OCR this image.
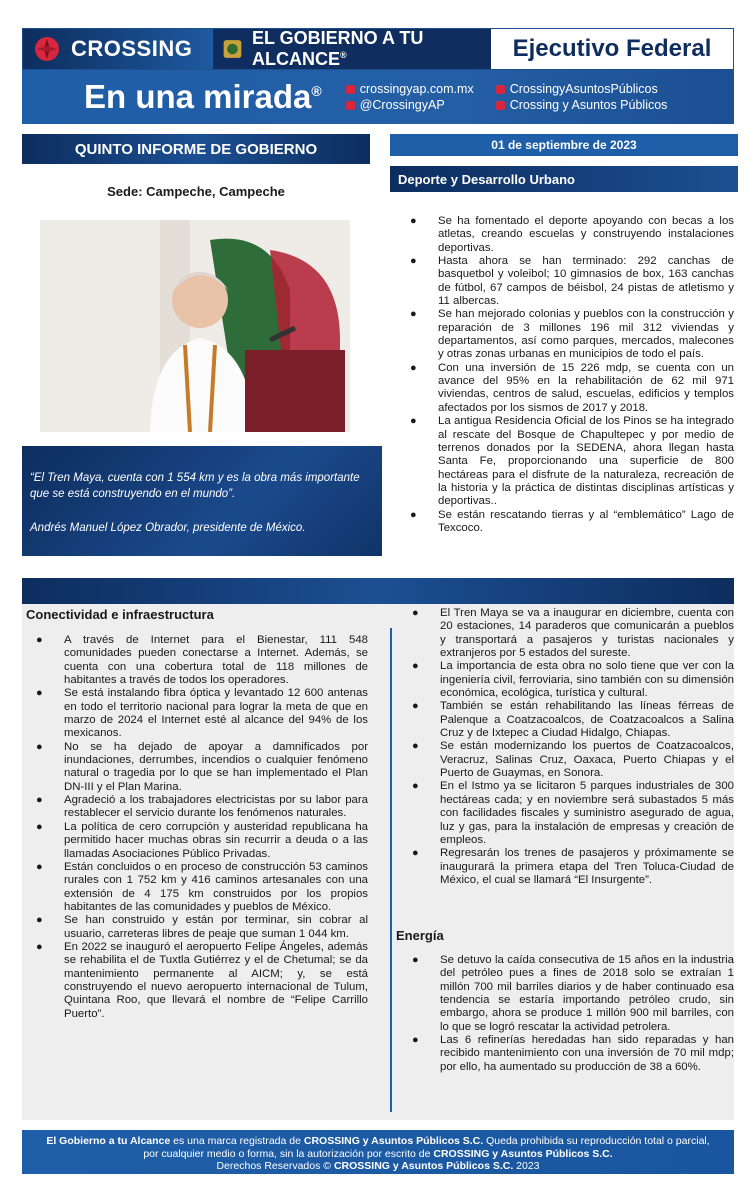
CROSSING	EL GOBIERNO A TU ALCANCE®	Ejecutivo Federal
En una mirada®	crossingyap.com.mx	CrossingyAsuntosPúblicos
@CrossingyAP	Crossing y Asuntos Públicos
QUINTO INFORME DE GOBIERNO	01 de septiembre de 2023
Deporte y Desarrollo Urbano
Sede: Campeche, Campeche
“El Tren Maya, cuenta con 1 554 km y es la obra más importante que se está construyendo en el mundo”.
Andrés Manuel López Obrador, presidente de México.
● Se ha fomentado el deporte apoyando con becas a los atletas, creando escuelas y construyendo instalaciones deportivas.
● Hasta ahora se han terminado: 292 canchas de basquetbol y voleibol; 10 gimnasios de box, 163 canchas de fútbol, 67 campos de béisbol, 24 pistas de atletismo y 11 albercas.
● Se han mejorado colonias y pueblos con la construcción y reparación de 3 millones 196 mil 312 viviendas y departamentos, así como parques, mercados, malecones y otras zonas urbanas en municipios de todo el país.
● Con una inversión de 15 226 mdp, se cuenta con un avance del 95% en la rehabilitación de 62 mil 971 viviendas, centros de salud, escuelas, edificios y templos afectados por los sismos de 2017 y 2018.
● La antigua Residencia Oficial de los Pinos se ha integrado al rescate del Bosque de Chapultepec y por medio de terrenos donados por la SEDENA, ahora llegan hasta Santa Fe, proporcionando una superficie de 800 hectáreas para el disfrute de la naturaleza, recreación de la historia y la práctica de distintas disciplinas artísticas y deportivas..
● Se están rescatando tierras y al “emblemático” Lago de Texcoco.
Conectividad e infraestructura
● A través de Internet para el Bienestar, 111 548 comunidades pueden conectarse a Internet. Además, se cuenta con una cobertura total de 118 millones de habitantes a través de todos los operadores.
● Se está instalando fibra óptica y levantado 12 600 antenas en todo el territorio nacional para lograr la meta de que en marzo de 2024 el Internet esté al alcance del 94% de los mexicanos.
● No se ha dejado de apoyar a damnificados por inundaciones, derrumbes, incendios o cualquier fenómeno natural o tragedia por lo que se han implementado el Plan DN-III y el Plan Marina.
● Agradeció a los trabajadores electricistas por su labor para restablecer el servicio durante los fenómenos naturales.
● La política de cero corrupción y austeridad republicana ha permitido hacer muchas obras sin recurrir a deuda o a las llamadas Asociaciones Público Privadas.
● Están concluidos o en proceso de construcción 53 caminos rurales con 1 752 km y 416 caminos artesanales con una extensión de 4 175 km construidos por los propios habitantes de las comunidades y pueblos de México.
● Se han construido y están por terminar, sin cobrar al usuario, carreteras libres de peaje que suman 1 044 km.
● En 2022 se inauguró el aeropuerto Felipe Ángeles, además se rehabilita el de Tuxtla Gutiérrez y el de Chetumal; se da mantenimiento permanente al AICM; y, se está construyendo el nuevo aeropuerto internacional de Tulum, Quintana Roo, que llevará el nombre de “Felipe Carrillo Puerto”.
● El Tren Maya se va a inaugurar en diciembre, cuenta con 20 estaciones, 14 paraderos que comunicarán a pueblos y transportará a pasajeros y turistas nacionales y extranjeros por 5 estados del sureste.
● La importancia de esta obra no solo tiene que ver con la ingeniería civil, ferroviaria, sino también con su dimensión económica, ecológica, turística y cultural.
● También se están rehabilitando las líneas férreas de Palenque a Coatzacoalcos, de Coatzacoalcos a Salina Cruz y de Ixtepec a Ciudad Hidalgo, Chiapas.
● Se están modernizando los puertos de Coatzacoalcos, Veracruz, Salinas Cruz, Oaxaca, Puerto Chiapas y el Puerto de Guaymas, en Sonora.
● En el Istmo ya se licitaron 5 parques industriales de 300 hectáreas cada; y en noviembre será subastados 5 más con facilidades fiscales y suministro asegurado de agua, luz y gas, para la instalación de empresas y creación de empleos.
● Regresarán los trenes de pasajeros y próximamente se inaugurará la primera etapa del Tren Toluca-Ciudad de México, el cual se llamará “El Insurgente”.
Energía
● Se detuvo la caída consecutiva de 15 años en la industria del petróleo pues a fines de 2018 solo se extraían 1 millón 700 mil barriles diarios y de haber continuado esa tendencia se estaría importando petróleo crudo, sin embargo, ahora se produce 1 millón 900 mil barriles, con lo que se logró rescatar la actividad petrolera.
● Las 6 refinerías heredadas han sido reparadas y han recibido mantenimiento con una inversión de 70 mil mdp; por ello, ha aumentado su producción de 38 a 60%.
El Gobierno a tu Alcance es una marca registrada de CROSSING y Asuntos Públicos S.C. Queda prohibida su reproducción total o parcial,
por cualquier medio o forma, sin la autorización por escrito de CROSSING y Asuntos Públicos S.C.
Derechos Reservados © CROSSING y Asuntos Públicos S.C. 2023
